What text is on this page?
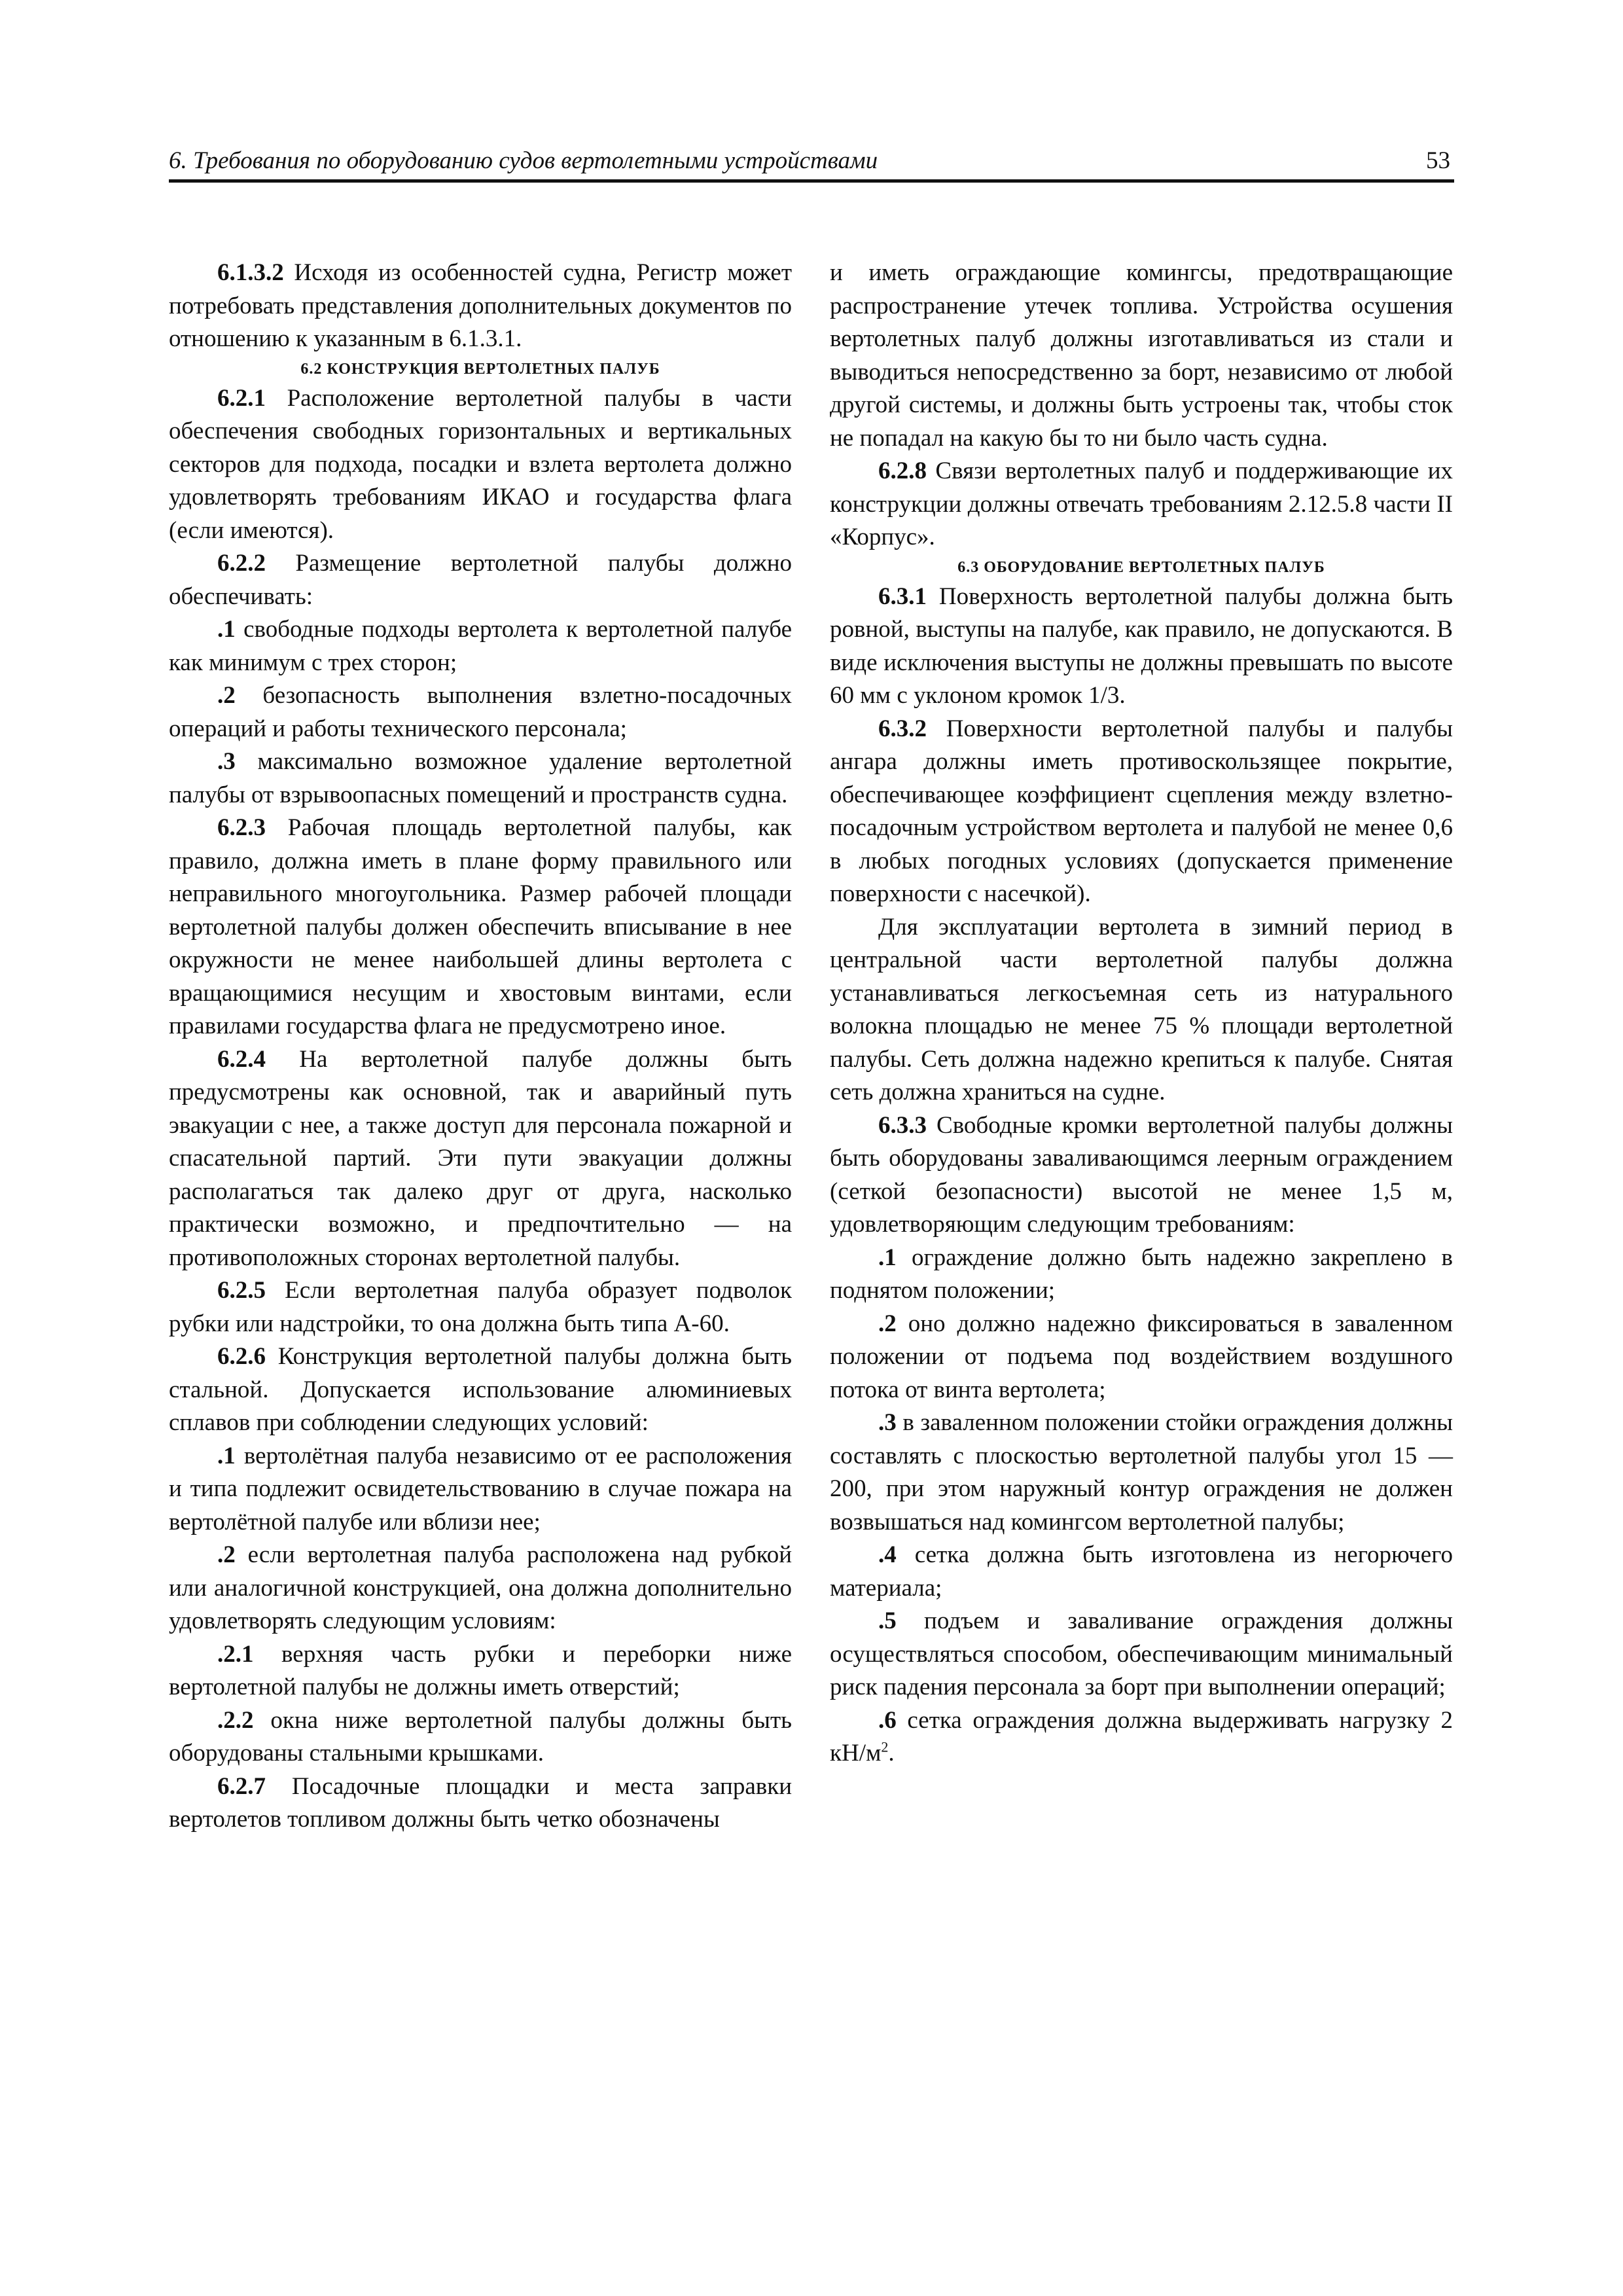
6. Требования по оборудованию судов вертолетными устройствами	53

6.1.3.2 Исходя из особенностей судна, Регистр может потребовать представления дополнительных документов по отношению к указанным в 6.1.3.1.

6.2 КОНСТРУКЦИЯ ВЕРТОЛЕТНЫХ ПАЛУБ

6.2.1 Расположение вертолетной палубы в части обеспечения свободных горизонтальных и вертикальных секторов для подхода, посадки и взлета вертолета должно удовлетворять требованиям ИКАО и государства флага (если имеются).

6.2.2 Размещение вертолетной палубы должно обеспечивать:

.1 свободные подходы вертолета к вертолетной палубе как минимум с трех сторон;

.2 безопасность выполнения взлетно-посадочных операций и работы технического персонала;

.3 максимально возможное удаление вертолетной палубы от взрывоопасных помещений и пространств судна.

6.2.3 Рабочая площадь вертолетной палубы, как правило, должна иметь в плане форму правильного или неправильного многоугольника. Размер рабочей площади вертолетной палубы должен обеспечить вписывание в нее окружности не менее наибольшей длины вертолета с вращающимися несущим и хвостовым винтами, если правилами государства флага не предусмотрено иное.

6.2.4 На вертолетной палубе должны быть предусмотрены как основной, так и аварийный путь эвакуации с нее, а также доступ для персонала пожарной и спасательной партий. Эти пути эвакуации должны располагаться так далеко друг от друга, насколько практически возможно, и предпочтительно — на противоположных сторонах вертолетной палубы.

6.2.5 Если вертолетная палуба образует подволок рубки или надстройки, то она должна быть типа А-60.

6.2.6 Конструкция вертолетной палубы должна быть стальной. Допускается использование алюминиевых сплавов при соблюдении следующих условий:

.1 вертолётная палуба независимо от ее расположения и типа подлежит освидетельствованию в случае пожара на вертолётной палубе или вблизи нее;

.2 если вертолетная палуба расположена над рубкой или аналогичной конструкцией, она должна дополнительно удовлетворять следующим условиям:

.2.1 верхняя часть рубки и переборки ниже вертолетной палубы не должны иметь отверстий;

.2.2 окна ниже вертолетной палубы должны быть оборудованы стальными крышками.

6.2.7 Посадочные площадки и места заправки вертолетов топливом должны быть четко обозначены

и иметь ограждающие комингсы, предотвращающие распространение утечек топлива. Устройства осушения вертолетных палуб должны изготавливаться из стали и выводиться непосредственно за борт, независимо от любой другой системы, и должны быть устроены так, чтобы сток не попадал на какую бы то ни было часть судна.

6.2.8 Связи вертолетных палуб и поддерживающие их конструкции должны отвечать требованиям 2.12.5.8 части II «Корпус».

6.3 ОБОРУДОВАНИЕ ВЕРТОЛЕТНЫХ ПАЛУБ

6.3.1 Поверхность вертолетной палубы должна быть ровной, выступы на палубе, как правило, не допускаются. В виде исключения выступы не должны превышать по высоте 60 мм с уклоном кромок 1/3.

6.3.2 Поверхности вертолетной палубы и палубы ангара должны иметь противоскользящее покрытие, обеспечивающее коэффициент сцепления между взлетно-посадочным устройством вертолета и палубой не менее 0,6 в любых погодных условиях (допускается применение поверхности с насечкой).

Для эксплуатации вертолета в зимний период в центральной части вертолетной палубы должна устанавливаться легкосъемная сеть из натурального волокна площадью не менее 75 % площади вертолетной палубы. Сеть должна надежно крепиться к палубе. Снятая сеть должна храниться на судне.

6.3.3 Свободные кромки вертолетной палубы должны быть оборудованы заваливающимся леерным ограждением (сеткой безопасности) высотой не менее 1,5 м, удовлетворяющим следующим требованиям:

.1 ограждение должно быть надежно закреплено в поднятом положении;

.2 оно должно надежно фиксироваться в заваленном положении от подъема под воздействием воздушного потока от винта вертолета;

.3 в заваленном положении стойки ограждения должны составлять с плоскостью вертолетной палубы угол 15 — 200, при этом наружный контур ограждения не должен возвышаться над комингсом вертолетной палубы;

.4 сетка должна быть изготовлена из негорючего материала;

.5 подъем и заваливание ограждения должны осуществляться способом, обеспечивающим минимальный риск падения персонала за борт при выполнении операций;

.6 сетка ограждения должна выдерживать нагрузку 2 $кН/м^2$.
